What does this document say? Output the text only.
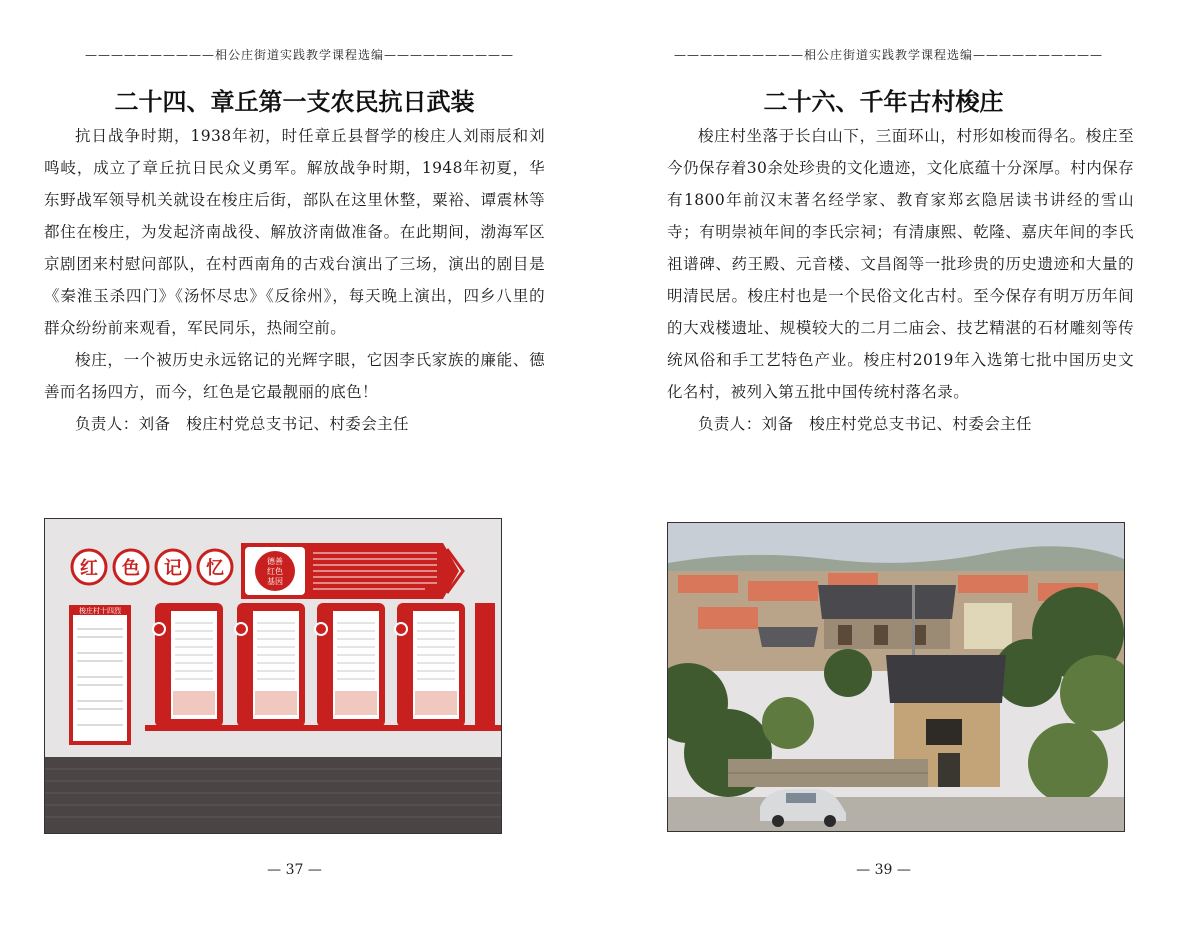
——————————相公庄街道实践教学课程选编——————————
二十四、章丘第一支农民抗日武装

抗日战争时期，1938年初，时任章丘县督学的梭庄人刘雨辰和刘鸣岐，成立了章丘抗日民众义勇军。解放战争时期，1948年初夏，华东野战军领导机关就设在梭庄后街，部队在这里休整，粟裕、谭震林等都住在梭庄，为发起济南战役、解放济南做准备。在此期间，渤海军区京剧团来村慰问部队，在村西南角的古戏台演出了三场，演出的剧目是《秦淮玉杀四门》《汤怀尽忠》《反徐州》，每天晚上演出，四乡八里的群众纷纷前来观看，军民同乐，热闹空前。

梭庄，一个被历史永远铭记的光辉字眼，它因李氏家族的廉能、德善而名扬四方，而今，红色是它最靓丽的底色！

负责人：刘备　梭庄村党总支书记、村委会主任
德善
红色
基因
红 色 记 忆
梭庄村十四烈
— 37 —
——————————相公庄街道实践教学课程选编——————————
二十六、千年古村梭庄

梭庄村坐落于长白山下，三面环山，村形如梭而得名。梭庄至今仍保存着30余处珍贵的文化遗迹，文化底蕴十分深厚。村内保存有1800年前汉末著名经学家、教育家郑玄隐居读书讲经的雪山寺；有明崇祯年间的李氏宗祠；有清康熙、乾隆、嘉庆年间的李氏祖谱碑、药王殿、元音楼、文昌阁等一批珍贵的历史遗迹和大量的明清民居。梭庄村也是一个民俗文化古村。至今保存有明万历年间的大戏楼遗址、规模较大的二月二庙会、技艺精湛的石材雕刻等传统风俗和手工艺特色产业。梭庄村2019年入选第七批中国历史文化名村，被列入第五批中国传统村落名录。

负责人：刘备　梭庄村党总支书记、村委会主任
— 39 —
